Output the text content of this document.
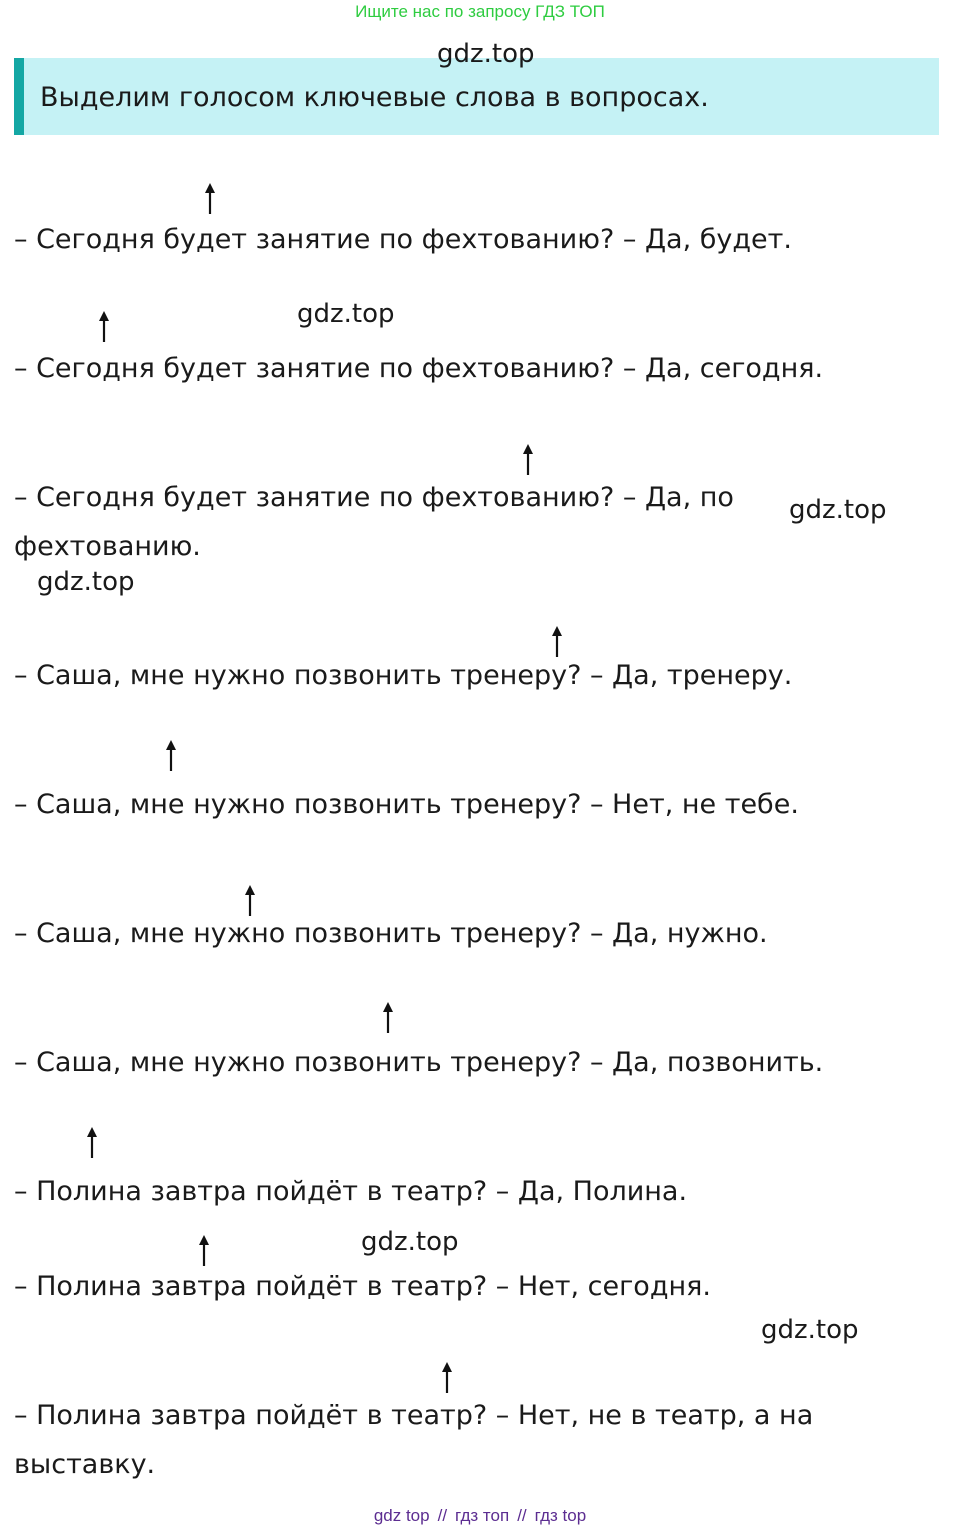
Ищите нас по запросу ГДЗ ТОП
Выделим голосом ключевые слова в вопросах.
gdz.top
gdz.top
gdz.top
gdz.top
gdz.top
gdz.top
– Сегодня будет занятие по фехтованию? – Да, будет.
– Сегодня будет занятие по фехтованию? – Да, сегодня.
– Сегодня будет занятие по фехтованию? – Да, по
фехтованию.
– Саша, мне нужно позвонить тренеру? – Да, тренеру.
– Саша, мне нужно позвонить тренеру? – Нет, не тебе.
– Саша, мне нужно позвонить тренеру? – Да, нужно.
– Саша, мне нужно позвонить тренеру? – Да, позвонить.
– Полина завтра пойдёт в театр? – Да, Полина.
– Полина завтра пойдёт в театр? – Нет, сегодня.
– Полина завтра пойдёт в театр? – Нет, не в театр, а на
выставку.
gdz top // гдз топ // гдз top
